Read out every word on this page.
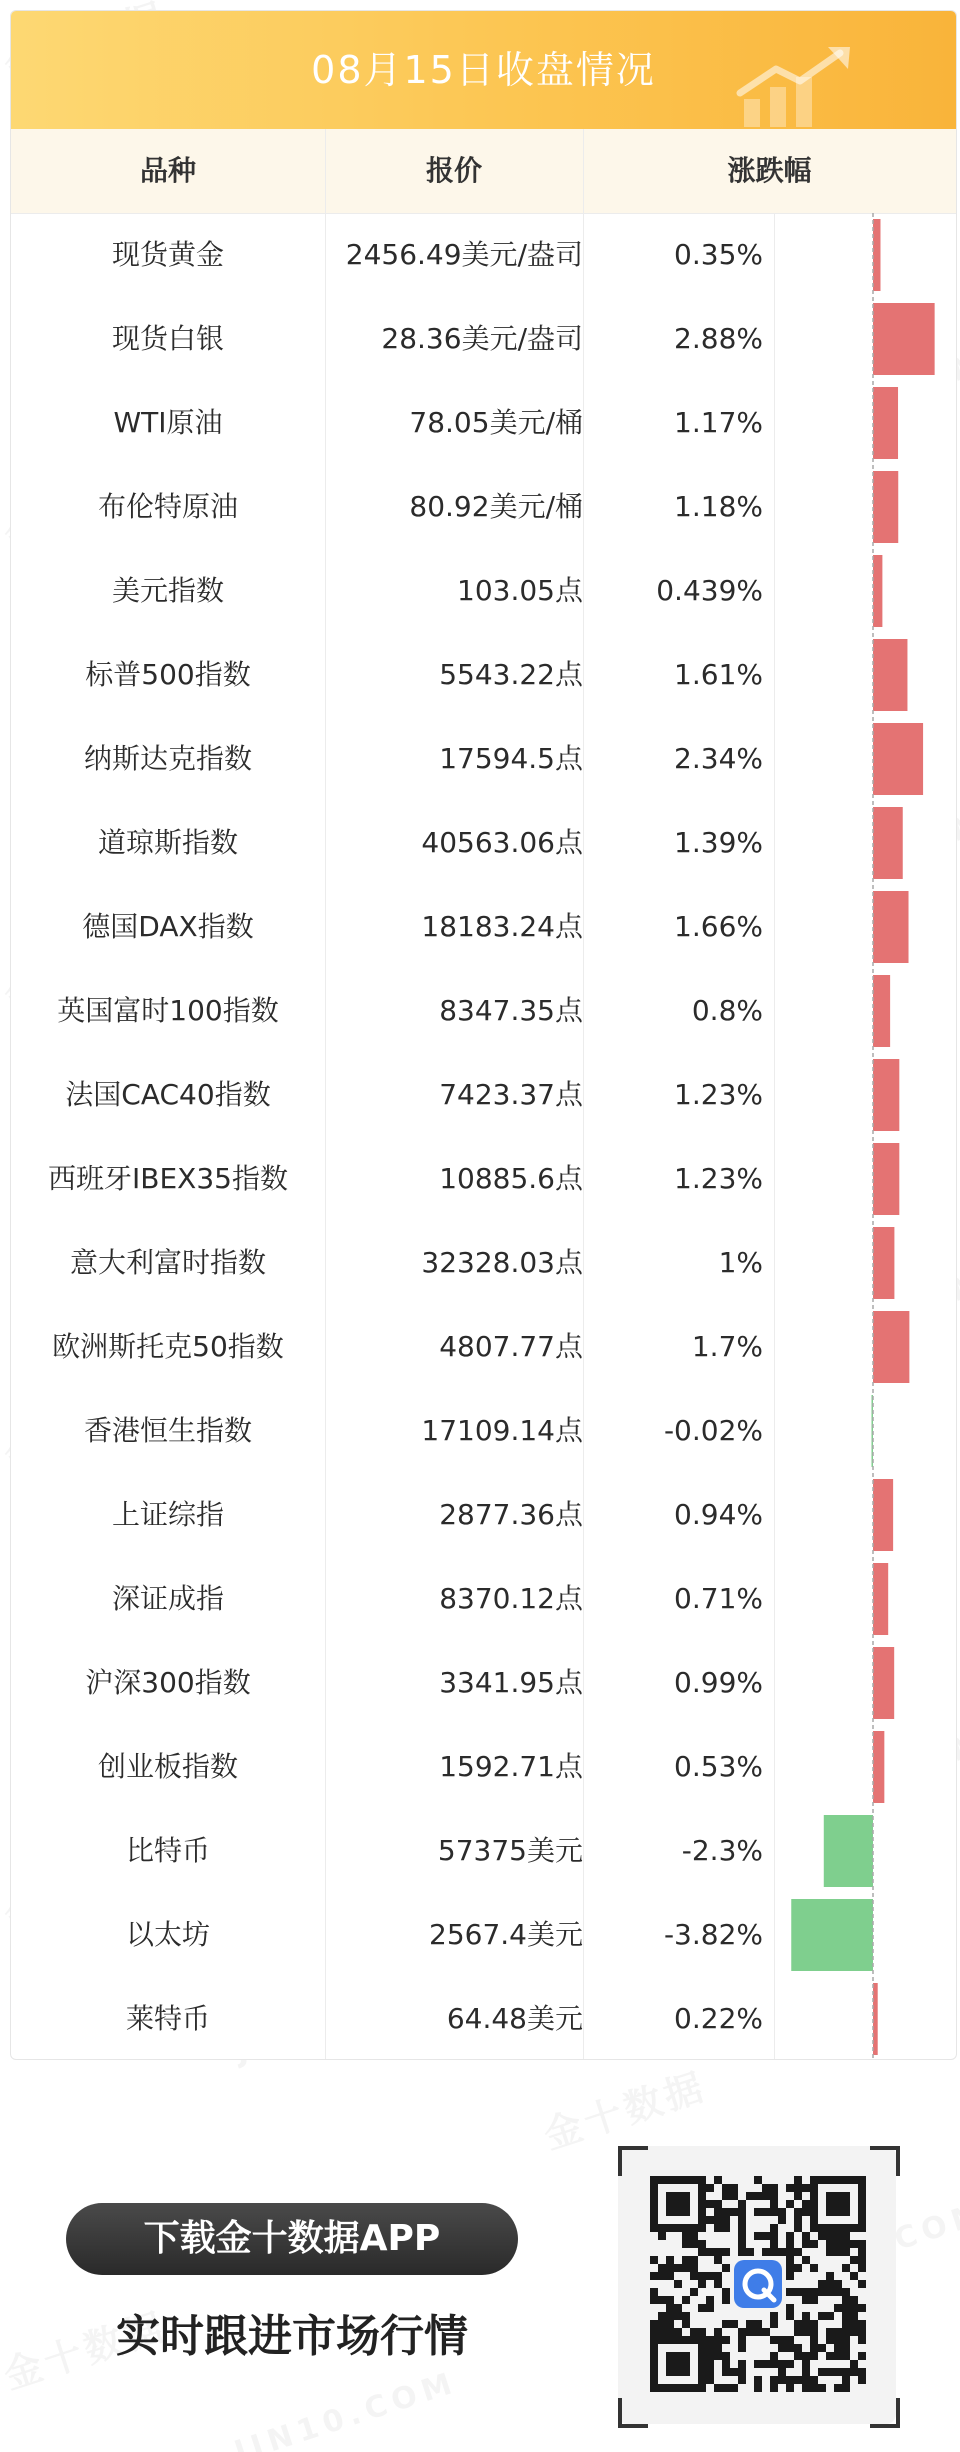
08月15日收盘情况
品种	报价	涨跌幅
现货黄金	2456.49美元/盎司	0.35%
现货白银	28.36美元/盎司	2.88%
WTI原油	78.05美元/桶	1.17%
布伦特原油	80.92美元/桶	1.18%
美元指数	103.05点	0.439%
标普500指数	5543.22点	1.61%
纳斯达克指数	17594.5点	2.34%
道琼斯指数	40563.06点	1.39%
德国DAX指数	18183.24点	1.66%
英国富时100指数	8347.35点	0.8%
法国CAC40指数	7423.37点	1.23%
西班牙IBEX35指数	10885.6点	1.23%
意大利富时指数	32328.03点	1%
欧洲斯托克50指数	4807.77点	1.7%
香港恒生指数	17109.14点	-0.02%
上证综指	2877.36点	0.94%
深证成指	8370.12点	0.71%
沪深300指数	3341.95点	0.99%
创业板指数	1592.71点	0.53%
比特币	57375美元	-2.3%
以太坊	2567.4美元	-3.82%
莱特币	64.48美元	0.22%
下载金十数据APP
实时跟进市场行情
